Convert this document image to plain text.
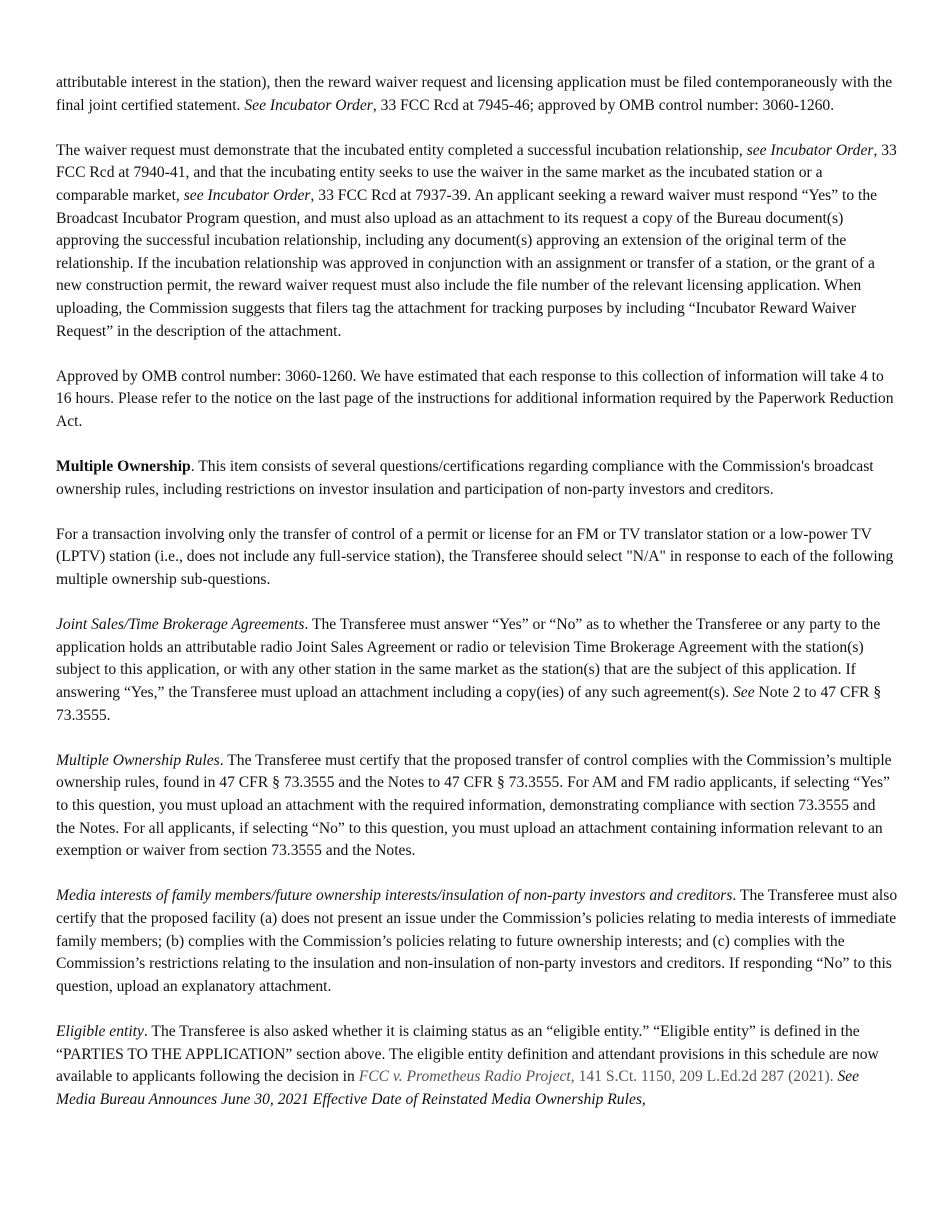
attributable interest in the station), then the reward waiver request and licensing application must be filed contemporaneously with the final joint certified statement. See Incubator Order, 33 FCC Rcd at 7945-46; approved by OMB control number: 3060-1260.

The waiver request must demonstrate that the incubated entity completed a successful incubation relationship, see Incubator Order, 33 FCC Rcd at 7940-41, and that the incubating entity seeks to use the waiver in the same market as the incubated station or a comparable market, see Incubator Order, 33 FCC Rcd at 7937-39. An applicant seeking a reward waiver must respond “Yes” to the Broadcast Incubator Program question, and must also upload as an attachment to its request a copy of the Bureau document(s) approving the successful incubation relationship, including any document(s) approving an extension of the original term of the relationship. If the incubation relationship was approved in conjunction with an assignment or transfer of a station, or the grant of a new construction permit, the reward waiver request must also include the file number of the relevant licensing application. When uploading, the Commission suggests that filers tag the attachment for tracking purposes by including “Incubator Reward Waiver Request” in the description of the attachment.

Approved by OMB control number: 3060-1260. We have estimated that each response to this collection of information will take 4 to 16 hours. Please refer to the notice on the last page of the instructions for additional information required by the Paperwork Reduction Act.

Multiple Ownership. This item consists of several questions/certifications regarding compliance with the Commission's broadcast ownership rules, including restrictions on investor insulation and participation of non-party investors and creditors.

For a transaction involving only the transfer of control of a permit or license for an FM or TV translator station or a low-power TV (LPTV) station (i.e., does not include any full-service station), the Transferee should select "N/A" in response to each of the following multiple ownership sub-questions.

Joint Sales/Time Brokerage Agreements. The Transferee must answer “Yes” or “No” as to whether the Transferee or any party to the application holds an attributable radio Joint Sales Agreement or radio or television Time Brokerage Agreement with the station(s) subject to this application, or with any other station in the same market as the station(s) that are the subject of this application. If answering “Yes,” the Transferee must upload an attachment including a copy(ies) of any such agreement(s). See Note 2 to 47 CFR § 73.3555.

Multiple Ownership Rules. The Transferee must certify that the proposed transfer of control complies with the Commission’s multiple ownership rules, found in 47 CFR § 73.3555 and the Notes to 47 CFR § 73.3555. For AM and FM radio applicants, if selecting “Yes” to this question, you must upload an attachment with the required information, demonstrating compliance with section 73.3555 and the Notes. For all applicants, if selecting “No” to this question, you must upload an attachment containing information relevant to an exemption or waiver from section 73.3555 and the Notes.

Media interests of family members/future ownership interests/insulation of non-party investors and creditors. The Transferee must also certify that the proposed facility (a) does not present an issue under the Commission’s policies relating to media interests of immediate family members; (b) complies with the Commission’s policies relating to future ownership interests; and (c) complies with the Commission’s restrictions relating to the insulation and non-insulation of non-party investors and creditors. If responding “No” to this question, upload an explanatory attachment.

Eligible entity. The Transferee is also asked whether it is claiming status as an “eligible entity.” “Eligible entity” is defined in the “PARTIES TO THE APPLICATION” section above. The eligible entity definition and attendant provisions in this schedule are now available to applicants following the decision in FCC v. Prometheus Radio Project, 141 S.Ct. 1150, 209 L.Ed.2d 287 (2021). See Media Bureau Announces June 30, 2021 Effective Date of Reinstated Media Ownership Rules,
